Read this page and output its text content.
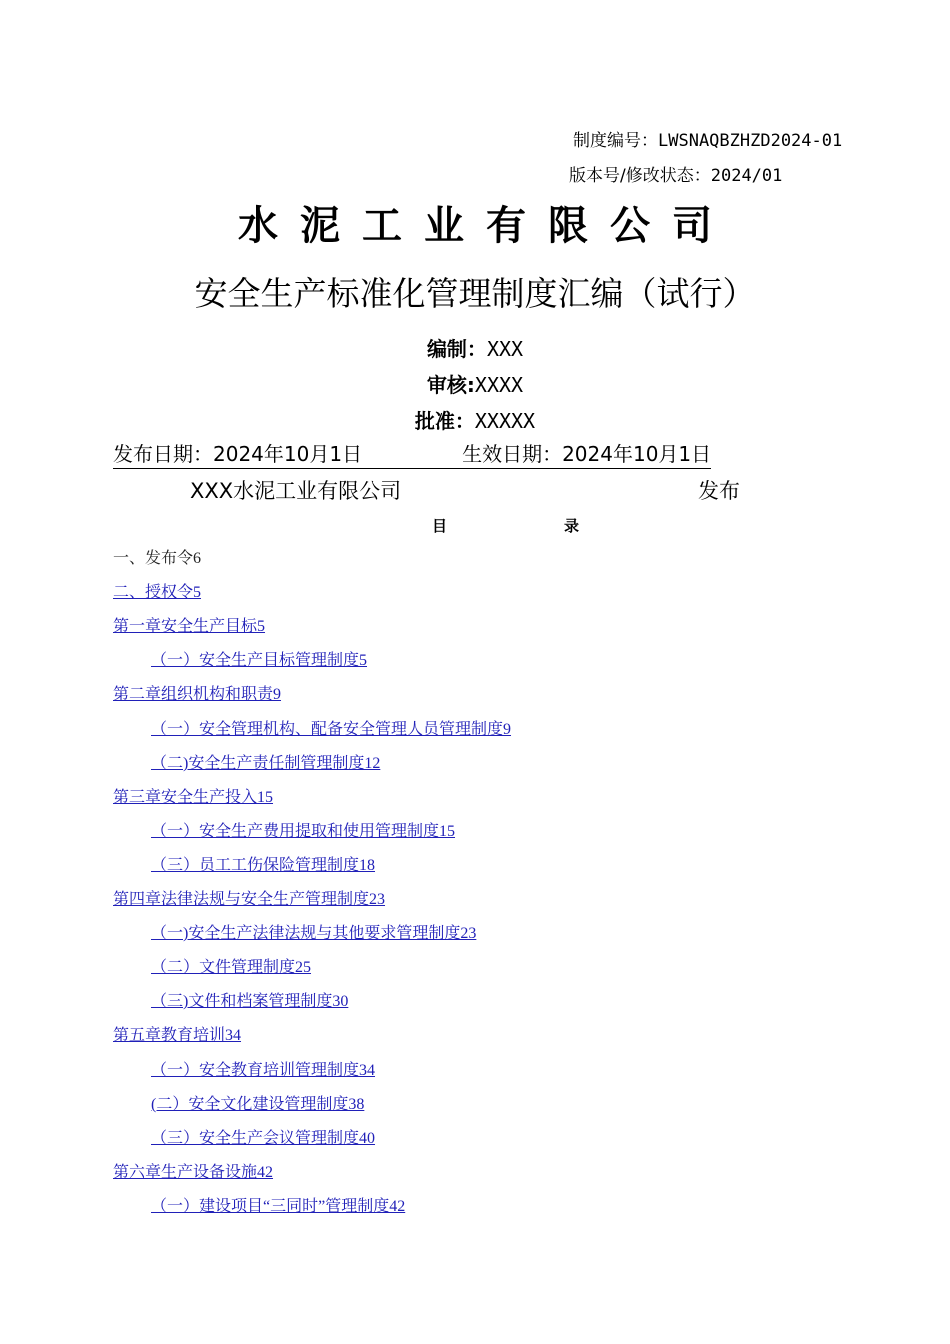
制度编号：LWSNAQBZHZD2024-01
版本号/修改状态：2024/01
水泥工业有限公司
安全生产标准化管理制度汇编（试行）
编制：XXX
审核:XXXX
批准：XXXXX
发布日期：2024年10月1日	生效日期：2024年10月1日
XXX水泥工业有限公司	发布
目	录
一、发布令6
二、授权令5
第一章安全生产目标5
（一）安全生产目标管理制度5
第二章组织机构和职责9
（一）安全管理机构、配备安全管理人员管理制度9
（二)安全生产责任制管理制度12
第三章安全生产投入15
（一）安全生产费用提取和使用管理制度15
（三）员工工伤保险管理制度18
第四章法律法规与安全生产管理制度23
（一)安全生产法律法规与其他要求管理制度23
（二）文件管理制度25
（三)文件和档案管理制度30
第五章教育培训34
（一）安全教育培训管理制度34
(二）安全文化建设管理制度38
（三）安全生产会议管理制度40
第六章生产设备设施42
（一）建设项目“三同时”管理制度42
